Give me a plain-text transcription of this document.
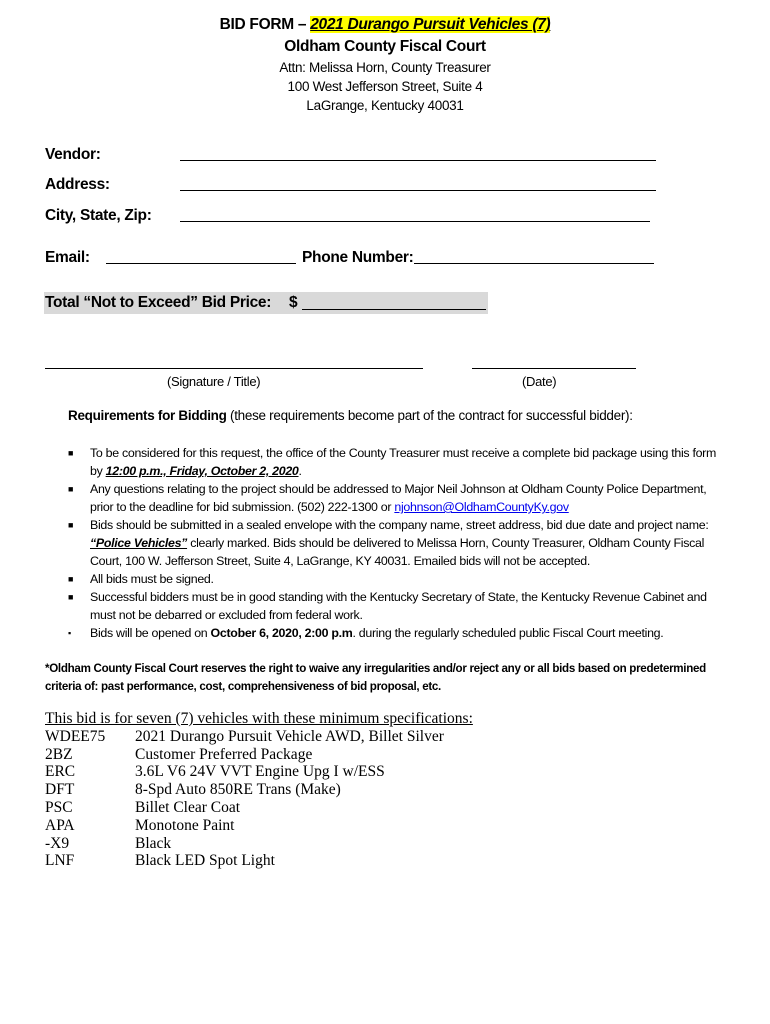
BID FORM – 2021 Durango Pursuit Vehicles (7)
Oldham County Fiscal Court
Attn: Melissa Horn, County Treasurer
100 West Jefferson Street, Suite 4
LaGrange, Kentucky 40031
Vendor:
Address:
City, State, Zip:
Email:	Phone Number:
Total “Not to Exceed” Bid Price: $
(Signature / Title)	(Date)
Requirements for Bidding (these requirements become part of the contract for successful bidder):
■ To be considered for this request, the office of the County Treasurer must receive a complete bid package using this form by 12:00 p.m., Friday, October 2, 2020.
■ Any questions relating to the project should be addressed to Major Neil Johnson at Oldham County Police Department, prior to the deadline for bid submission. (502) 222-1300 or njohnson@OldhamCountyKy.gov
■ Bids should be submitted in a sealed envelope with the company name, street address, bid due date and project name: “Police Vehicles” clearly marked. Bids should be delivered to Melissa Horn, County Treasurer, Oldham County Fiscal Court, 100 W. Jefferson Street, Suite 4, LaGrange, KY 40031. Emailed bids will not be accepted.
■ All bids must be signed.
■ Successful bidders must be in good standing with the Kentucky Secretary of State, the Kentucky Revenue Cabinet and must not be debarred or excluded from federal work.
▪ Bids will be opened on October 6, 2020, 2:00 p.m. during the regularly scheduled public Fiscal Court meeting.
*Oldham County Fiscal Court reserves the right to waive any irregularities and/or reject any or all bids based on predetermined criteria of: past performance, cost, comprehensiveness of bid proposal, etc.
This bid is for seven (7) vehicles with these minimum specifications:
WDEE75	2021 Durango Pursuit Vehicle AWD, Billet Silver
2BZ	Customer Preferred Package
ERC	3.6L V6 24V VVT Engine Upg I w/ESS
DFT	8-Spd Auto 850RE Trans (Make)
PSC	Billet Clear Coat
APA	Monotone Paint
-X9	Black
LNF	Black LED Spot Light
